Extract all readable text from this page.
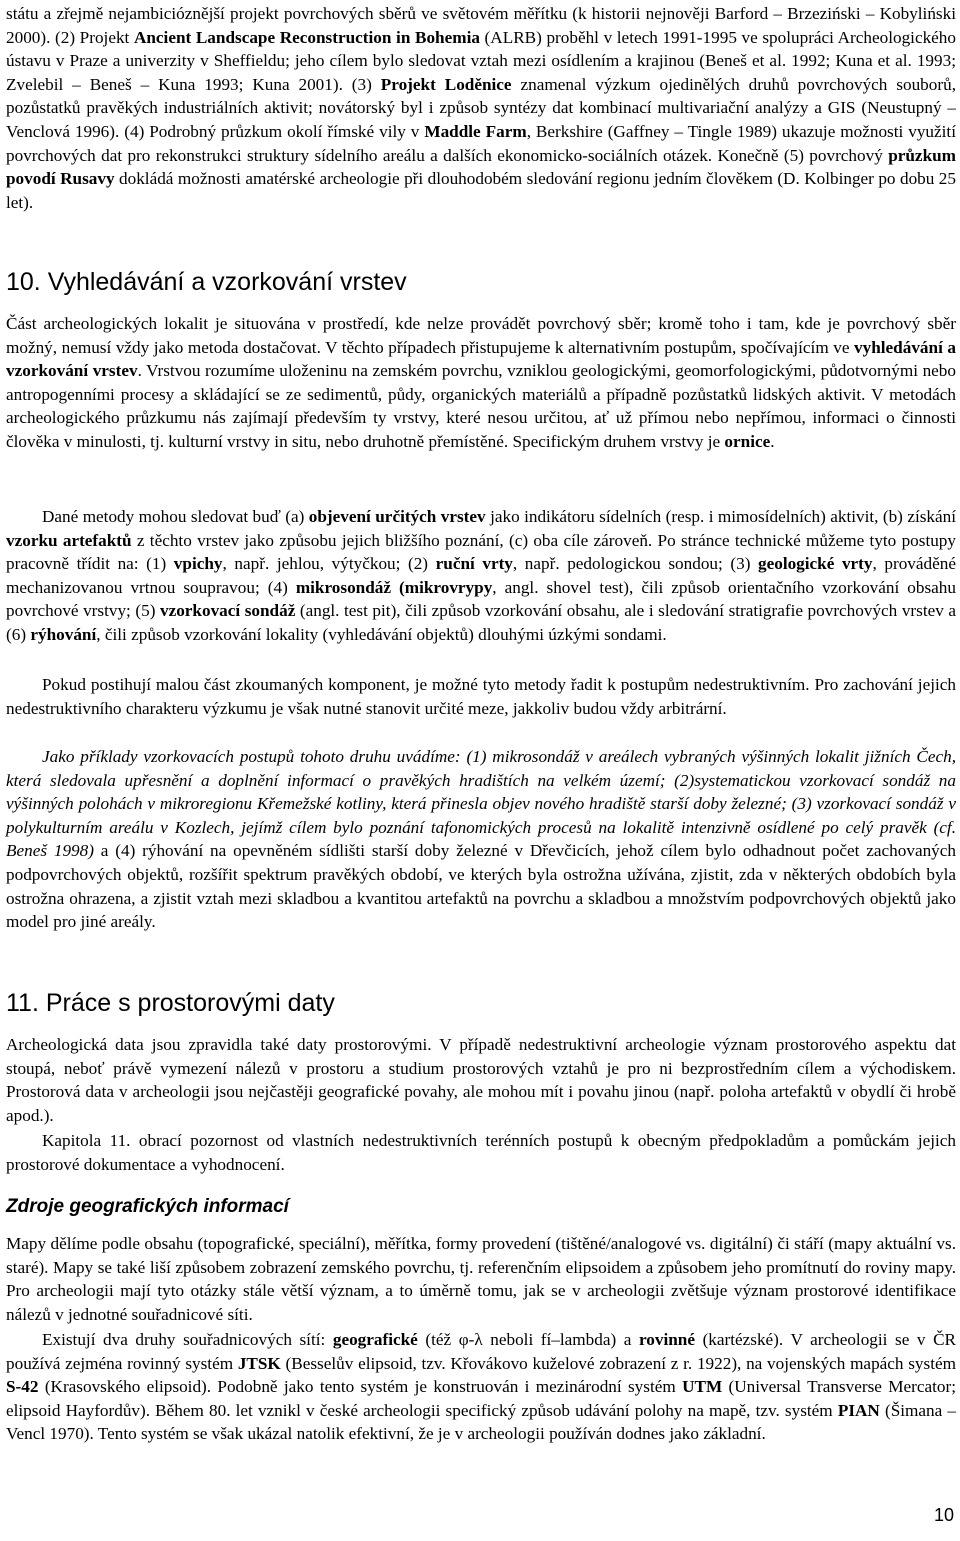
státu a zřejmě nejambicióznější projekt povrchových sběrů ve světovém měřítku (k historii nejnověji Barford – Brzeziński – Kobyliński 2000). (2) Projekt Ancient Landscape Reconstruction in Bohemia (ALRB) proběhl v letech 1991-1995 ve spolupráci Archeologického ústavu v Praze a univerzity v Sheffieldu; jeho cílem bylo sledovat vztah mezi osídlením a krajinou (Beneš et al. 1992; Kuna et al. 1993; Zvelebil – Beneš – Kuna 1993; Kuna 2001). (3) Projekt Loděnice znamenal výzkum ojedinělých druhů povrchových souborů, pozůstatků pravěkých industriálních aktivit; novátorský byl i způsob syntézy dat kombinací multivariační analýzy a GIS (Neustupný – Venclová 1996). (4) Podrobný průzkum okolí římské vily v Maddle Farm, Berkshire (Gaffney – Tingle 1989) ukazuje možnosti využití povrchových dat pro rekonstrukci struktury sídelního areálu a dalších ekonomicko-sociálních otázek. Konečně (5) povrchový průzkum povodí Rusavy dokládá možnosti amatérské archeologie při dlouhodobém sledování regionu jedním člověkem (D. Kolbinger po dobu 25 let).

10. Vyhledávání a vzorkování vrstev

Část archeologických lokalit je situována v prostředí, kde nelze provádět povrchový sběr; kromě toho i tam, kde je povrchový sběr možný, nemusí vždy jako metoda dostačovat. V těchto případech přistupujeme k alternativním postupům, spočívajícím ve vyhledávání a vzorkování vrstev. Vrstvou rozumíme uloženinu na zemském povrchu, vzniklou geologickými, geomorfologickými, půdotvornými nebo antropogenními procesy a skládající se ze sedimentů, půdy, organických materiálů a případně pozůstatků lidských aktivit. V metodách archeologického průzkumu nás zajímají především ty vrstvy, které nesou určitou, ať už přímou nebo nepřímou, informaci o činnosti člověka v minulosti, tj. kulturní vrstvy in situ, nebo druhotně přemístěné. Specifickým druhem vrstvy je ornice.

Dané metody mohou sledovat buď (a) objevení určitých vrstev jako indikátoru sídelních (resp. i mimosídelních) aktivit, (b) získání vzorku artefaktů z těchto vrstev jako způsobu jejich bližšího poznání, (c) oba cíle zároveň. Po stránce technické můžeme tyto postupy pracovně třídit na: (1) vpichy, např. jehlou, výtyčkou; (2) ruční vrty, např. pedologickou sondou; (3) geologické vrty, prováděné mechanizovanou vrtnou soupravou; (4) mikrosondáž (mikrovrypy, angl. shovel test), čili způsob orientačního vzorkování obsahu povrchové vrstvy; (5) vzorkovací sondáž (angl. test pit), čili způsob vzorkování obsahu, ale i sledování stratigrafie povrchových vrstev a (6) rýhování, čili způsob vzorkování lokality (vyhledávání objektů) dlouhými úzkými sondami.

Pokud postihují malou část zkoumaných komponent, je možné tyto metody řadit k postupům nedestruktivním. Pro zachování jejich nedestruktivního charakteru výzkumu je však nutné stanovit určité meze, jakkoliv budou vždy arbitrární.

Jako příklady vzorkovacích postupů tohoto druhu uvádíme: (1) mikrosondáž v areálech vybraných výšinných lokalit jižních Čech, která sledovala upřesnění a doplnění informací o pravěkých hradištích na velkém území; (2)systematickou vzorkovací sondáž na výšinných polohách v mikroregionu Křemežské kotliny, která přinesla objev nového hradiště starší doby železné; (3) vzorkovací sondáž v polykulturním areálu v Kozlech, jejímž cílem bylo poznání tafonomických procesů na lokalitě intenzivně osídlené po celý pravěk (cf. Beneš 1998) a (4) rýhování na opevněném sídlišti starší doby železné v Dřevčicích, jehož cílem bylo odhadnout počet zachovaných podpovrchových objektů, rozšířit spektrum pravěkých období, ve kterých byla ostrožna užívána, zjistit, zda v některých obdobích byla ostrožna ohrazena, a zjistit vztah mezi skladbou a kvantitou artefaktů na povrchu a skladbou a množstvím podpovrchových objektů jako model pro jiné areály.

11. Práce s prostorovými daty

Archeologická data jsou zpravidla také daty prostorovými. V případě nedestruktivní archeologie význam prostorového aspektu dat stoupá, neboť právě vymezení nálezů v prostoru a studium prostorových vztahů je pro ni bezprostředním cílem a východiskem. Prostorová data v archeologii jsou nejčastěji geografické povahy, ale mohou mít i povahu jinou (např. poloha artefaktů v obydlí či hrobě apod.).

Kapitola 11. obrací pozornost od vlastních nedestruktivních terénních postupů k obecným předpokladům a pomůckám jejich prostorové dokumentace a vyhodnocení.

Zdroje geografických informací

Mapy dělíme podle obsahu (topografické, speciální), měřítka, formy provedení (tištěné/analogové vs. digitální) či stáří (mapy aktuální vs. staré). Mapy se také liší způsobem zobrazení zemského povrchu, tj. referenčním elipsoidem a způsobem jeho promítnutí do roviny mapy. Pro archeologii mají tyto otázky stále větší význam, a to úměrně tomu, jak se v archeologii zvětšuje význam prostorové identifikace nálezů v jednotné souřadnicové síti.

Existují dva druhy souřadnicových sítí: geografické (též φ-λ neboli fí–lambda) a rovinné (kartézské). V archeologii se v ČR používá zejména rovinný systém JTSK (Besselův elipsoid, tzv. Křovákovo kuželové zobrazení z r. 1922), na vojenských mapách systém S-42 (Krasovského elipsoid). Podobně jako tento systém je konstruován i mezinárodní systém UTM (Universal Transverse Mercator; elipsoid Hayfordův). Během 80. let vznikl v české archeologii specifický způsob udávání polohy na mapě, tzv. systém PIAN (Šimana – Vencl 1970). Tento systém se však ukázal natolik efektivní, že je v archeologii používán dodnes jako základní.

10
